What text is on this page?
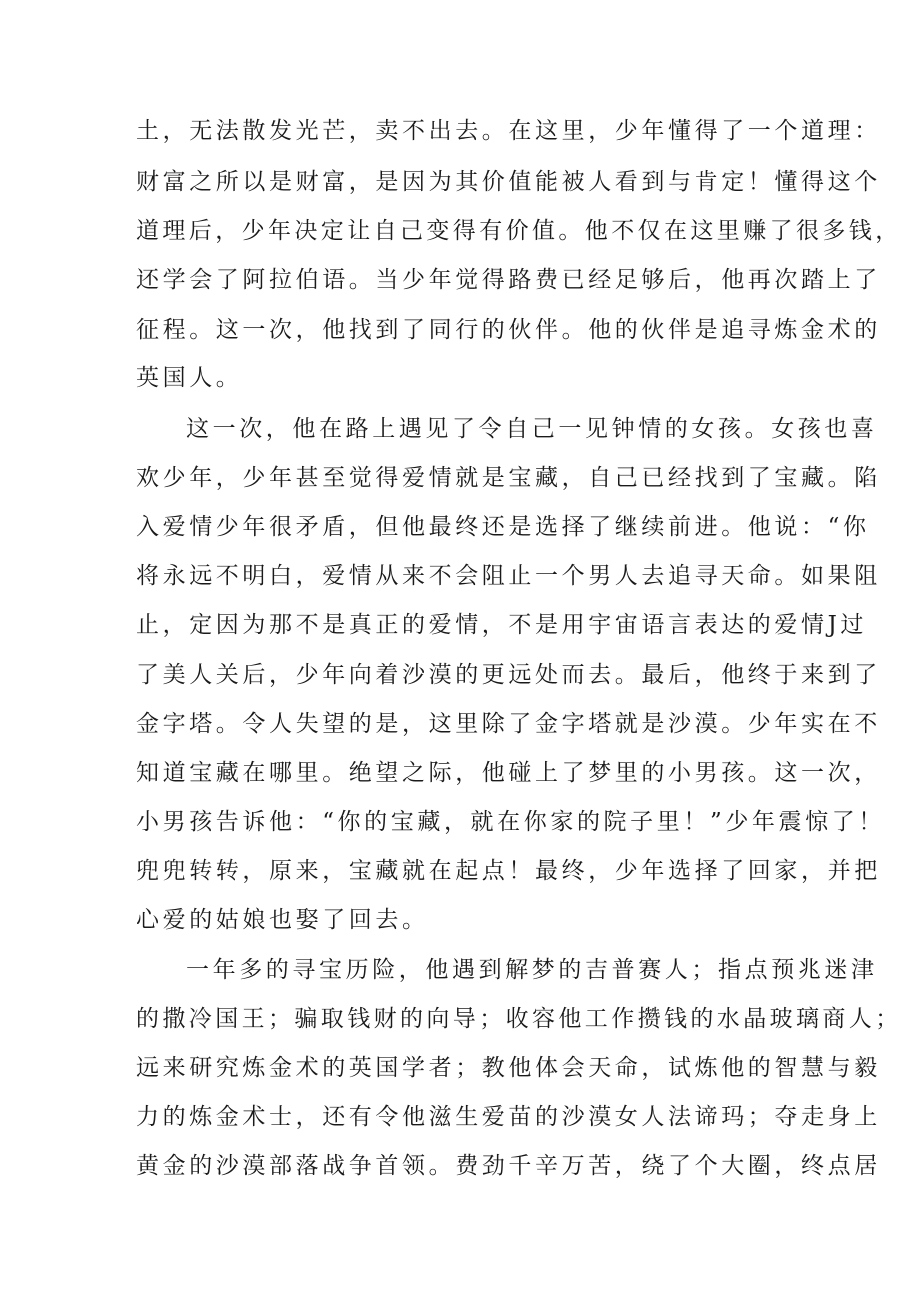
土，无法散发光芒，卖不出去。在这里，少年懂得了一个道理：
财富之所以是财富，是因为其价值能被人看到与肯定！懂得这个
道理后，少年决定让自己变得有价值。他不仅在这里赚了很多钱，
还学会了阿拉伯语。当少年觉得路费已经足够后，他再次踏上了
征程。这一次，他找到了同行的伙伴。他的伙伴是追寻炼金术的
英国人。
这一次，他在路上遇见了令自己一见钟情的女孩。女孩也喜
欢少年，少年甚至觉得爱情就是宝藏，自己已经找到了宝藏。陷
入爱情少年很矛盾，但他最终还是选择了继续前进。他说：“你
将永远不明白，爱情从来不会阻止一个男人去追寻天命。如果阻
止，定因为那不是真正的爱情，不是用宇宙语言表达的爱情J过
了美人关后，少年向着沙漠的更远处而去。最后，他终于来到了
金字塔。令人失望的是，这里除了金字塔就是沙漠。少年实在不
知道宝藏在哪里。绝望之际，他碰上了梦里的小男孩。这一次，
小男孩告诉他：“你的宝藏，就在你家的院子里！”少年震惊了！
兜兜转转，原来，宝藏就在起点！最终，少年选择了回家，并把
心爱的姑娘也娶了回去。
一年多的寻宝历险，他遇到解梦的吉普赛人；指点预兆迷津
的撒冷国王；骗取钱财的向导；收容他工作攒钱的水晶玻璃商人；
远来研究炼金术的英国学者；教他体会天命，试炼他的智慧与毅
力的炼金术士，还有令他滋生爱苗的沙漠女人法谛玛；夺走身上
黄金的沙漠部落战争首领。费劲千辛万苦，绕了个大圈，终点居
